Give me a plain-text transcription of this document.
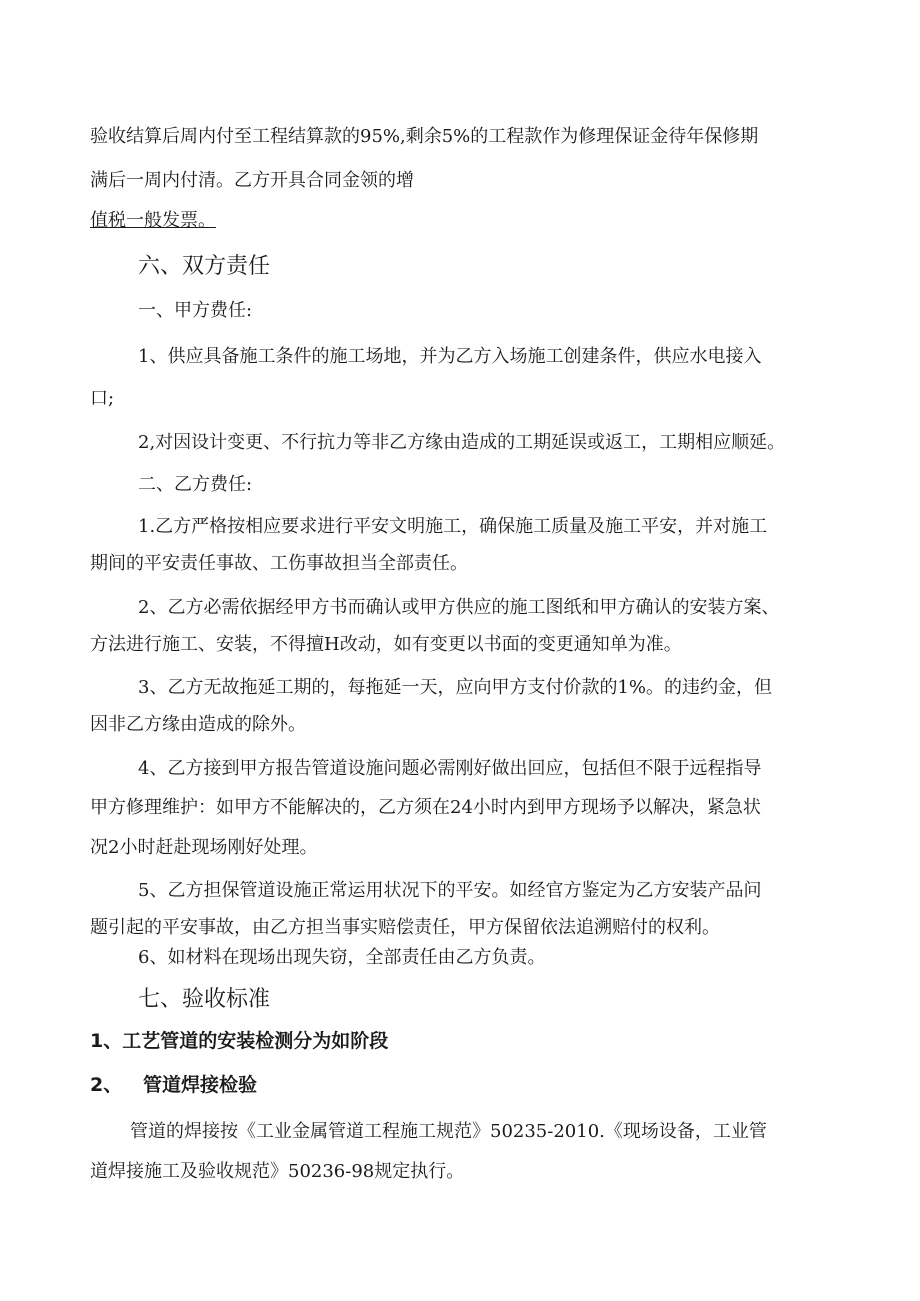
验收结算后周内付至工程结算款的95%,剩余5%的工程款作为修理保证金待年保修期
满后一周内付清。乙方开具合同金领的增
值税一般发票。
六、双方责任
一、甲方费任:
1、供应具备施工条件的施工场地，并为乙方入场施工创建条件，供应水电接入
口;
2,对因设计变更、不行抗力等非乙方缘由造成的工期延误或返工，工期相应顺延。
二、乙方费任:
1.乙方严格按相应要求进行平安文明施工，确保施工质量及施工平安，并对施工
期间的平安责任事故、工伤事故担当全部责任。
2、乙方必需依据经甲方书而确认或甲方供应的施工图纸和甲方确认的安装方案、
方法进行施工、安装，不得擅H改动，如有变更以书面的变更通知单为准。
3、乙方无故拖延工期的，每拖延一天，应向甲方支付价款的1%。的违约金，但
因非乙方缘由造成的除外。
4、乙方接到甲方报告管道设施问题必需刚好做出回应，包括但不限于远程指导
甲方修理维护：如甲方不能解决的，乙方须在24小时内到甲方现场予以解决，紧急状
况2小时赶赴现场刚好处理。
5、乙方担保管道设施正常运用状况下的平安。如经官方鉴定为乙方安装产品问
题引起的平安事故，由乙方担当事实赔偿责任，甲方保留依法追溯赔付的权利。
6、如材料在现场出现失窃，全部责任由乙方负责。
七、验收标准
1、工艺管道的安装检测分为如阶段
2、 管道焊接检验
管道的焊接按《工业金属管道工程施工规范》50235-2010.《现场设备，工业管
道焊接施工及验收规范》50236-98规定执行。
